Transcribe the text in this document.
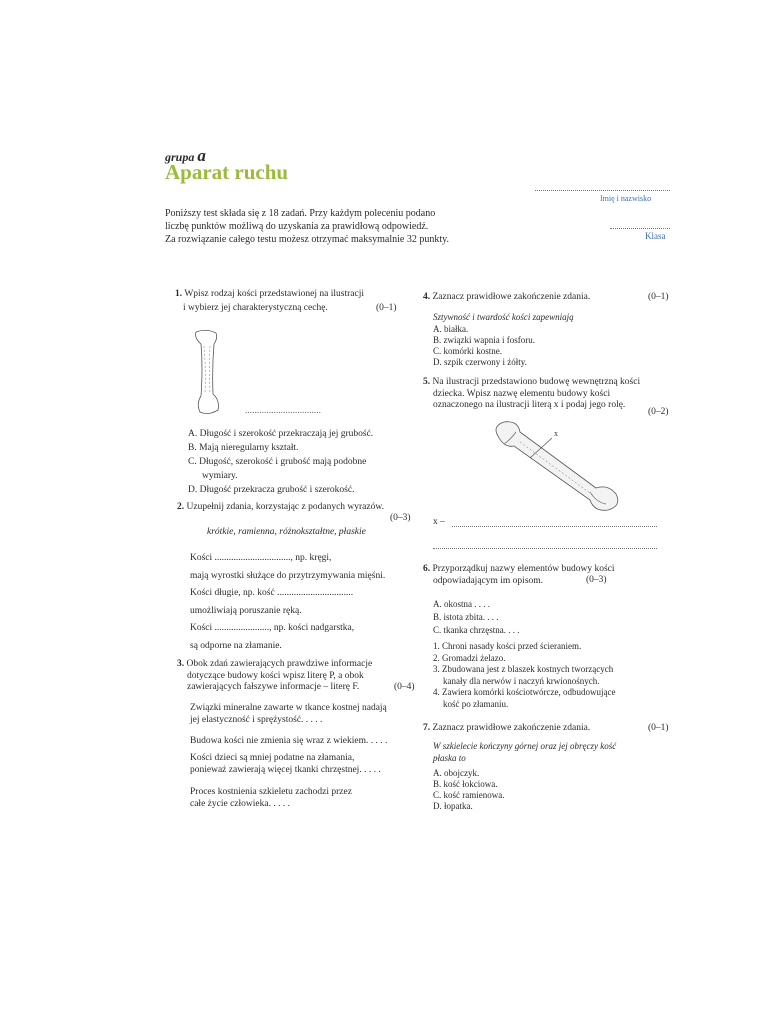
grupa a
Aparat ruchu
Imię i nazwisko
Klasa
Poniższy test składa się z 18 zadań. Przy każdym poleceniu podano
liczbę punktów możliwą do uzyskania za prawidłową odpowiedź.
Za rozwiązanie całego testu możesz otrzymać maksymalnie 32 punkty.
1. Wpisz rodzaj kości przedstawionej na ilustracji
i wybierz jej charakterystyczną cechę.	(0–1)
................................
A. Długość i szerokość przekraczają jej grubość.
B. Mają nieregularny kształt.
C. Długość, szerokość i grubość mają podobne
wymiary.
D. Długość przekracza grubość i szerokość.
2. Uzupełnij zdania, korzystając z podanych wyrazów.
(0–3)
krótkie, ramienna, różnokształtne, płaskie
Kości ................................, np. kręgi,
mają wyrostki służące do przytrzymywania mięśni.
Kości długie, np. kość ................................
umożliwiają poruszanie ręką.
Kości ......................., np. kości nadgarstka,
są odporne na złamanie.
3. Obok zdań zawierających prawdziwe informacje
dotyczące budowy kości wpisz literę P, a obok
zawierających fałszywe informacje – literę F.	(0–4)
Związki mineralne zawarte w tkance kostnej nadają
jej elastyczność i sprężystość. . . . .
Budowa kości nie zmienia się wraz z wiekiem. . . . .
Kości dzieci są mniej podatne na złamania,
ponieważ zawierają więcej tkanki chrzęstnej. . . . .
Proces kostnienia szkieletu zachodzi przez
całe życie człowieka. . . . .
4. Zaznacz prawidłowe zakończenie zdania.	(0–1)
Sztywność i twardość kości zapewniają
A. białka.
B. związki wapnia i fosforu.
C. komórki kostne.
D. szpik czerwony i żółty.
5. Na ilustracji przedstawiono budowę wewnętrzną kości
dziecka. Wpisz nazwę elementu budowy kości
oznaczonego na ilustracji literą x i podaj jego rolę.
(0–2)
x
x –
6. Przyporządkuj nazwy elementów budowy kości
odpowiadającym im opisom.	(0–3)
A. okostna . . . .
B. istota zbita. . . .
C. tkanka chrzęstna. . . .
1. Chroni nasady kości przed ścieraniem.
2. Gromadzi żelazo.
3. Zbudowana jest z blaszek kostnych tworzących
kanały dla nerwów i naczyń krwionośnych.
4. Zawiera komórki kościotwórcze, odbudowujące
kość po złamaniu.
7. Zaznacz prawidłowe zakończenie zdania.	(0–1)
W szkielecie kończyny górnej oraz jej obręczy kość
płaska to
A. obojczyk.
B. kość łokciowa.
C. kość ramienowa.
D. łopatka.
